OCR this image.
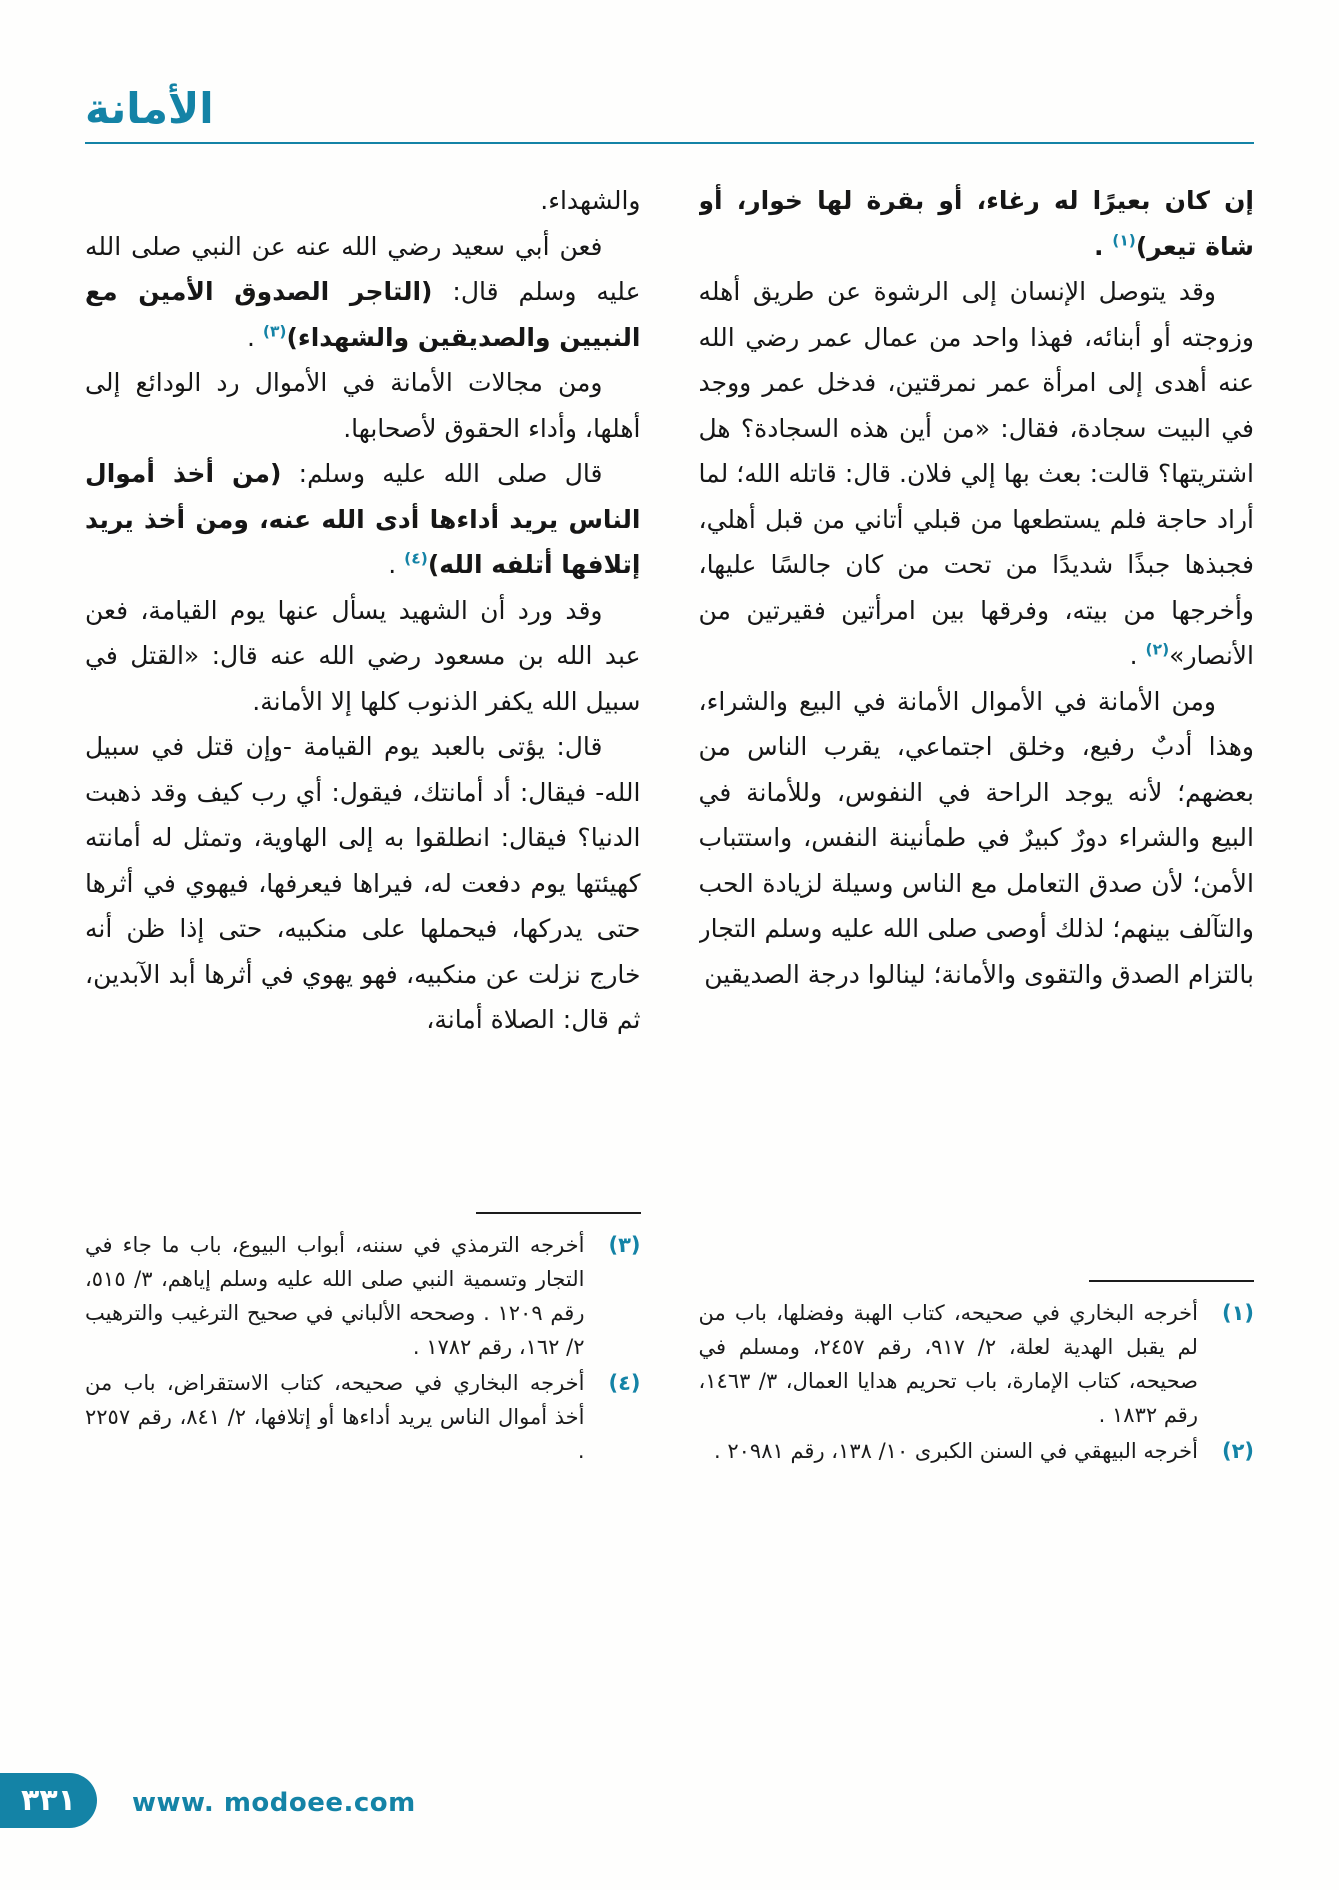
الأمانة

إن كان بعيرًا له رغاء، أو بقرة لها خوار، أو شاة تيعر)$^{(١)}$ .

وقد يتوصل الإنسان إلى الرشوة عن طريق أهله وزوجته أو أبنائه، فهذا واحد من عمال عمر رضي الله عنه أهدى إلى امرأة عمر نمرقتين، فدخل عمر ووجد في البيت سجادة، فقال: «من أين هذه السجادة؟ هل اشتريتها؟ قالت: بعث بها إلي فلان. قال: قاتله الله؛ لما أراد حاجة فلم يستطعها من قبلي أتاني من قبل أهلي، فجبذها جبذًا شديدًا من تحت من كان جالسًا عليها، وأخرجها من بيته، وفرقها بين امرأتين فقيرتين من الأنصار»$^{(٢)}$ .

ومن الأمانة في الأموال الأمانة في البيع والشراء، وهذا أدبٌ رفيع، وخلق اجتماعي، يقرب الناس من بعضهم؛ لأنه يوجد الراحة في النفوس، وللأمانة في البيع والشراء دورٌ كبيرٌ في طمأنينة النفس، واستتباب الأمن؛ لأن صدق التعامل مع الناس وسيلة لزيادة الحب والتآلف بينهم؛ لذلك أوصى صلى الله عليه وسلم التجار بالتزام الصدق والتقوى والأمانة؛ لينالوا درجة الصديقين

(١)
أخرجه البخاري في صحيحه، كتاب الهبة وفضلها، باب من لم يقبل الهدية لعلة، ٢/ ٩١٧، رقم ٢٤٥٧، ومسلم في صحيحه، كتاب الإمارة، باب تحريم هدايا العمال، ٣/ ١٤٦٣، رقم ١٨٣٢ .
(٢)
أخرجه البيهقي في السنن الكبرى ١٠/ ١٣٨، رقم ٢٠٩٨١ .

والشهداء.

فعن أبي سعيد رضي الله عنه عن النبي صلى الله عليه وسلم قال: (التاجر الصدوق الأمين مع النبيين والصديقين والشهداء)$^{(٣)}$ .

ومن مجالات الأمانة في الأموال رد الودائع إلى أهلها، وأداء الحقوق لأصحابها.

قال صلى الله عليه وسلم: (من أخذ أموال الناس يريد أداءها أدى الله عنه، ومن أخذ يريد إتلافها أتلفه الله)$^{(٤)}$ .

وقد ورد أن الشهيد يسأل عنها يوم القيامة، فعن عبد الله بن مسعود رضي الله عنه قال: «القتل في سبيل الله يكفر الذنوب كلها إلا الأمانة.

قال: يؤتى بالعبد يوم القيامة -وإن قتل في سبيل الله- فيقال: أد أمانتك، فيقول: أي رب كيف وقد ذهبت الدنيا؟ فيقال: انطلقوا به إلى الهاوية، وتمثل له أمانته كهيئتها يوم دفعت له، فيراها فيعرفها، فيهوي في أثرها حتى يدركها، فيحملها على منكبيه، حتى إذا ظن أنه خارج نزلت عن منكبيه، فهو يهوي في أثرها أبد الآبدين، ثم قال: الصلاة أمانة،

(٣)
أخرجه الترمذي في سننه، أبواب البيوع، باب ما جاء في التجار وتسمية النبي صلى الله عليه وسلم إياهم، ٣/ ٥١٥، رقم ١٢٠٩ . وصححه الألباني في صحيح الترغيب والترهيب ٢/ ١٦٢، رقم ١٧٨٢ .
(٤)
أخرجه البخاري في صحيحه، كتاب الاستقراض، باب من أخذ أموال الناس يريد أداءها أو إتلافها، ٢/ ٨٤١، رقم ٢٢٥٧ .
٣٣١ www. modoee.com
